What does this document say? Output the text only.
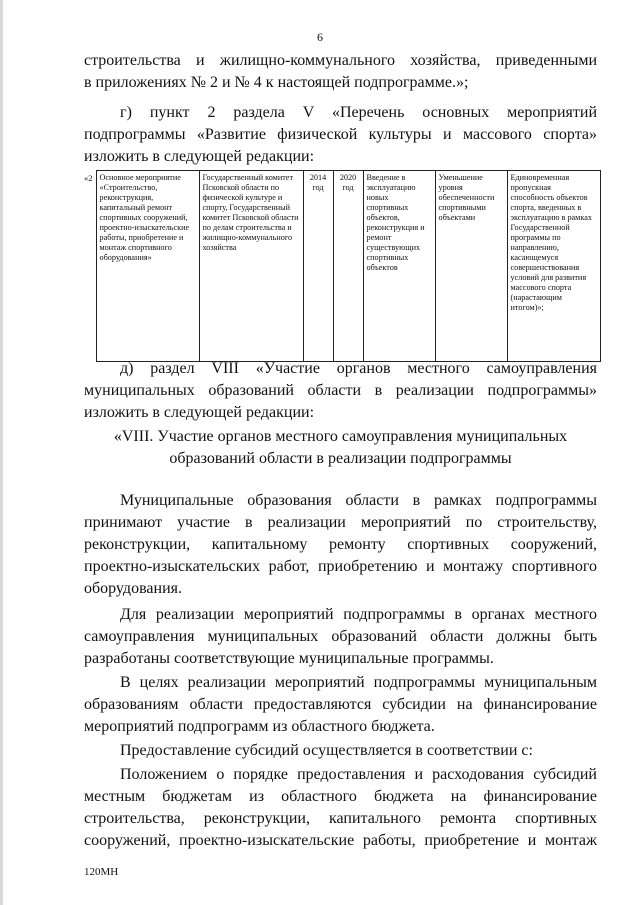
6
строительства и жилищно-коммунального хозяйства, приведенными
в приложениях № 2 и № 4 к настоящей подпрограмме.»;
г) пункт 2 раздела V «Перечень основных мероприятий
подпрограммы «Развитие физической культуры и массового спорта»
изложить в следующей редакции:
«2	Основное мероприятие «Строительство, реконструкция, капитальный ремонт спортивных сооружений, проектно-изыскательские работы, приобретение и монтаж спортивного оборудования»	Государственный комитет Псковской области по физической культуре и спорту, Государственный комитет Псковской области по делам строительства и жилищно-коммунального хозяйства	2014 год	2020 год	Введение в эксплуатацию новых спортивных объектов, реконструкция и ремонт существующих спортивных объектов	Уменьшение уровня обеспеченности спортивными объектами	Единовременная пропускная способность объектов спорта, введенных в эксплуатацию в рамках Государственной программы по направлению, касающемуся совершенствования условий для развития массового спорта (нарастающим итогом)»;
д) раздел VIII «Участие органов местного самоуправления
муниципальных образований области в реализации подпрограммы»
изложить в следующей редакции:
«VIII. Участие органов местного самоуправления муниципальных
образований области в реализации подпрограммы
Муниципальные образования области в рамках подпрограммы
принимают участие в реализации мероприятий по строительству,
реконструкции, капитальному ремонту спортивных сооружений,
проектно-изыскательских работ, приобретению и монтажу спортивного
оборудования.
Для реализации мероприятий подпрограммы в органах местного
самоуправления муниципальных образований области должны быть
разработаны соответствующие муниципальные программы.
В целях реализации мероприятий подпрограммы муниципальным
образованиям области предоставляются субсидии на финансирование
мероприятий подпрограмм из областного бюджета.
Предоставление субсидий осуществляется в соответствии с:
Положением о порядке предоставления и расходования субсидий
местным бюджетам из областного бюджета на финансирование
строительства, реконструкции, капитального ремонта спортивных
сооружений, проектно-изыскательские работы, приобретение и монтаж
120МН
